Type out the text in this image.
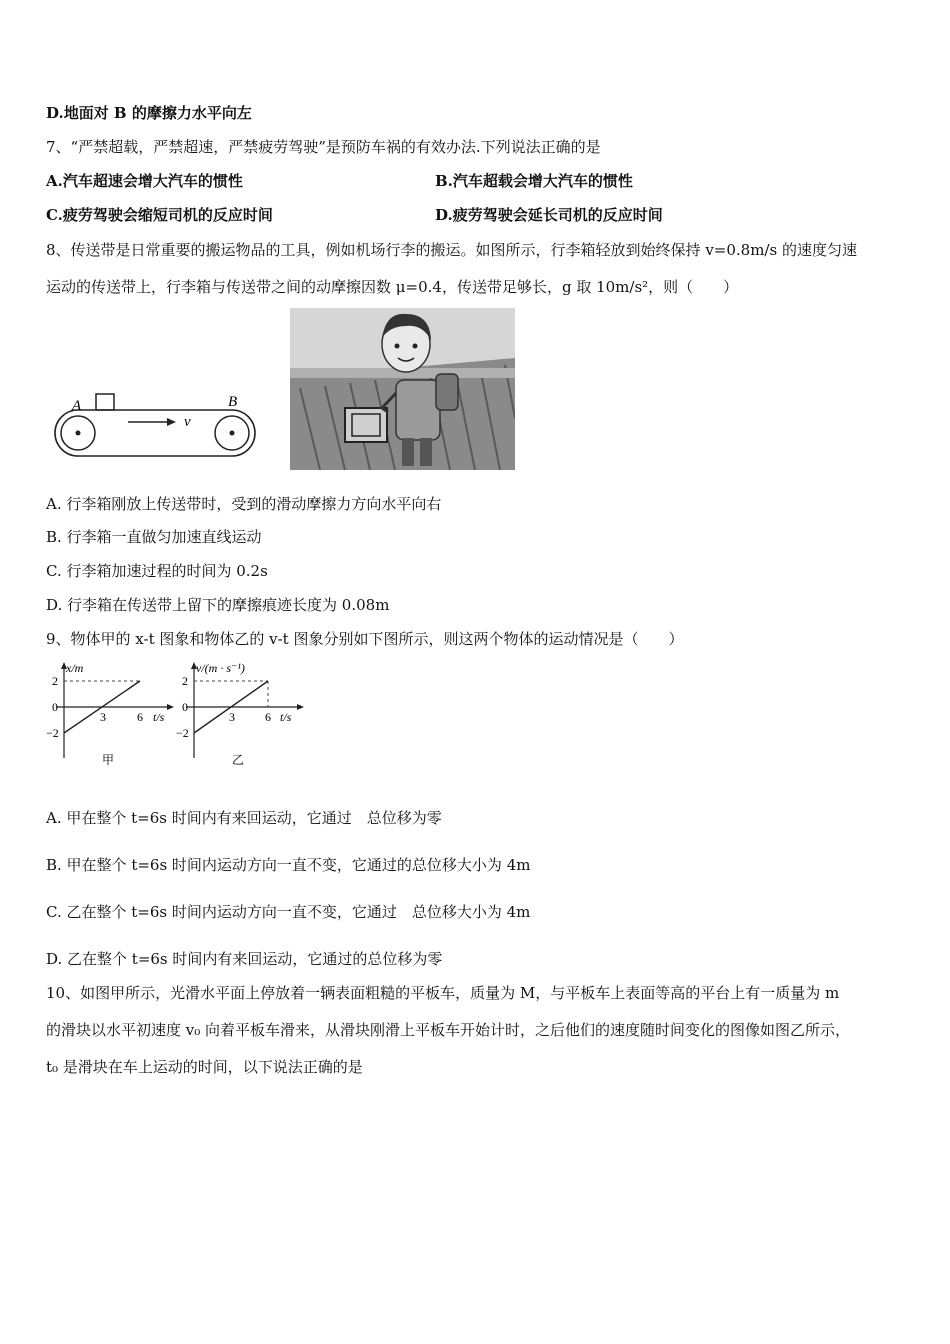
D.地面对 B 的摩擦力水平向左
7、“严禁超载，严禁超速，严禁疲劳驾驶”是预防车祸的有效办法.下列说法正确的是
A.汽车超速会增大汽车的惯性	B.汽车超载会增大汽车的惯性
C.疲劳驾驶会缩短司机的反应时间	D.疲劳驾驶会延长司机的反应时间
8、传送带是日常重要的搬运物品的工具，例如机场行李的搬运。如图所示，行李箱轻放到始终保持 v=0.8m/s 的速度匀速
运动的传送带上，行李箱与传送带之间的动摩擦因数 μ=0.4，传送带足够长，g 取 10m/s²，则（　　）
A	B
v
A. 行李箱刚放上传送带时，受到的滑动摩擦力方向水平向右
B. 行李箱一直做匀加速直线运动
C. 行李箱加速过程的时间为 0.2s
D. 行李箱在传送带上留下的摩擦痕迹长度为 0.08m
9、物体甲的 x-t 图象和物体乙的 v-t 图象分别如下图所示，则这两个物体的运动情况是（　　）
x/m
2
0
−2
3	6 t/s
甲
v/(m · s⁻¹)
2
0
−2
3	6 t/s
乙
A. 甲在整个 t=6s 时间内有来回运动，它通过　总位移为零
B. 甲在整个 t=6s 时间内运动方向一直不变，它通过的总位移大小为 4m
C. 乙在整个 t=6s 时间内运动方向一直不变，它通过　总位移大小为 4m
D. 乙在整个 t=6s 时间内有来回运动，它通过的总位移为零
10、如图甲所示，光滑水平面上停放着一辆表面粗糙的平板车，质量为 M，与平板车上表面等高的平台上有一质量为 m
的滑块以水平初速度 v₀ 向着平板车滑来，从滑块刚滑上平板车开始计时，之后他们的速度随时间变化的图像如图乙所示，
t₀ 是滑块在车上运动的时间，以下说法正确的是
